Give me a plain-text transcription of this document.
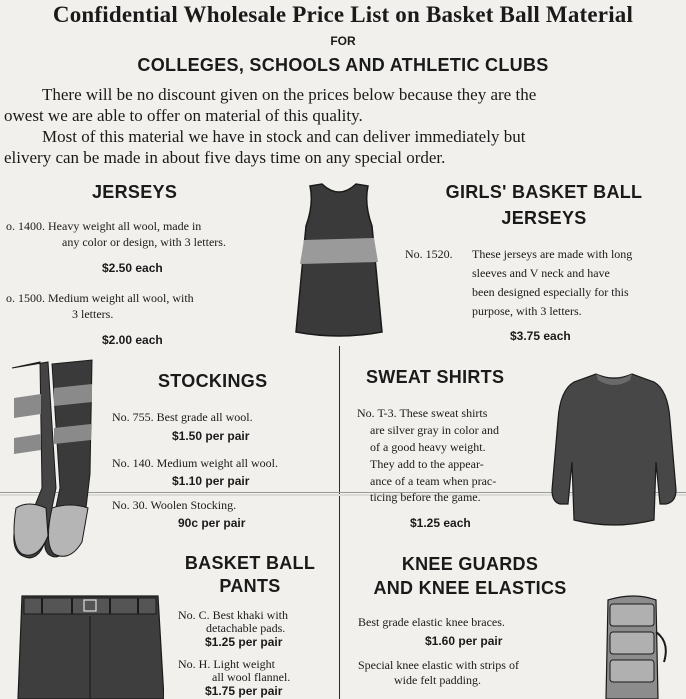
Confidential Wholesale Price List on Basket Ball Material
FOR
COLLEGES, SCHOOLS AND ATHLETIC CLUBS
There will be no discount given on the prices below because they are the
owest we are able to offer on material of this quality.
Most of this material we have in stock and can deliver immediately but
elivery can be made in about five days time on any special order.
JERSEYS
o. 1400. Heavy weight all wool, made in
any color or design, with 3 letters.
$2.50 each
o. 1500. Medium weight all wool, with
3 letters.
$2.00 each
GIRLS' BASKET BALL
JERSEYS
No. 1520. These jerseys are made with long
sleeves and V neck and have
been designed especially for this
purpose, with 3 letters.
$3.75 each
STOCKINGS
No. 755. Best grade all wool.
$1.50 per pair
No. 140. Medium weight all wool.
$1.10 per pair
No. 30. Woolen Stocking.
90c per pair
SWEAT SHIRTS
No. T-3. These sweat shirts
are silver gray in color and
of a good heavy weight.
They add to the appear-
ance of a team when prac-
ticing before the game.
$1.25 each
BASKET BALL
PANTS
No. C. Best khaki with
detachable pads.
$1.25 per pair
No. H. Light weight
all wool flannel.
$1.75 per pair
KNEE GUARDS
AND KNEE ELASTICS
Best grade elastic knee braces.
$1.60 per pair
Special knee elastic with strips of
wide felt padding.
